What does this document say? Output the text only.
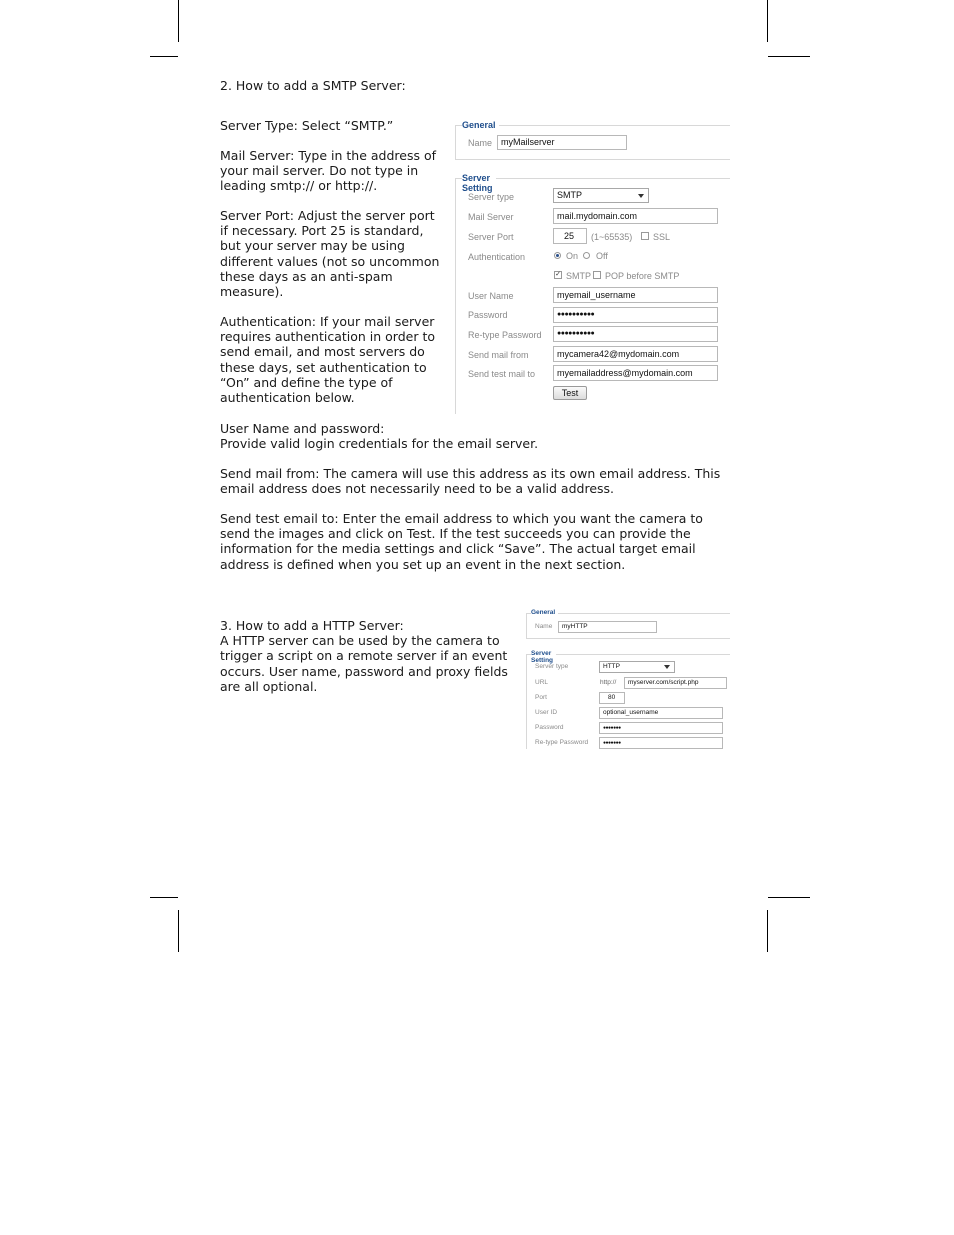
2. How to add a SMTP Server:

Server Type: Select “SMTP.”

Mail Server: Type in the address of your mail server. Do not type in leading smtp:// or http://.

Server Port: Adjust the server port if necessary. Port 25 is standard, but your server may be using different values (not so uncommon these days as an anti-spam measure).

Authentication: If your mail server requires authentication in order to send email, and most servers do these days, set authentication to “On” and define the type of authentication below.

User Name and password:

Provide valid login credentials for the email server.

Send mail from: The camera will use this address as its own email address. This email address does not necessarily need to be a valid address.

Send test email to: Enter the email address to which you want the camera to send the images and click on Test. If the test succeeds you can provide the information for the media settings and click “Save”. The actual target email address is defined when you set up an event in the next section.

3. How to add a HTTP Server:

A HTTP server can be used by the camera to trigger a script on a remote server if an event occurs. User name, password and proxy fields are all optional.

General
Name myMailserver
Server Setting
Server type	SMTP
Mail Server	mail.mydomain.com
Server Port	25	(1~65535) SSL
Authentication	On Off
✓ SMTP POP before SMTP
User Name	myemail_username
Password	●●●●●●●●●●
Re-type Password	●●●●●●●●●●
Send mail from	mycamera42@mydomain.com
Send test mail to	myemailaddress@mydomain.com
Test
General
Name	myHTTP
Server Setting
Server type	HTTP
URL	http://	myserver.com/script.php
Port	80
User ID	optional_username
Password	●●●●●●●
Re-type Password	●●●●●●●
